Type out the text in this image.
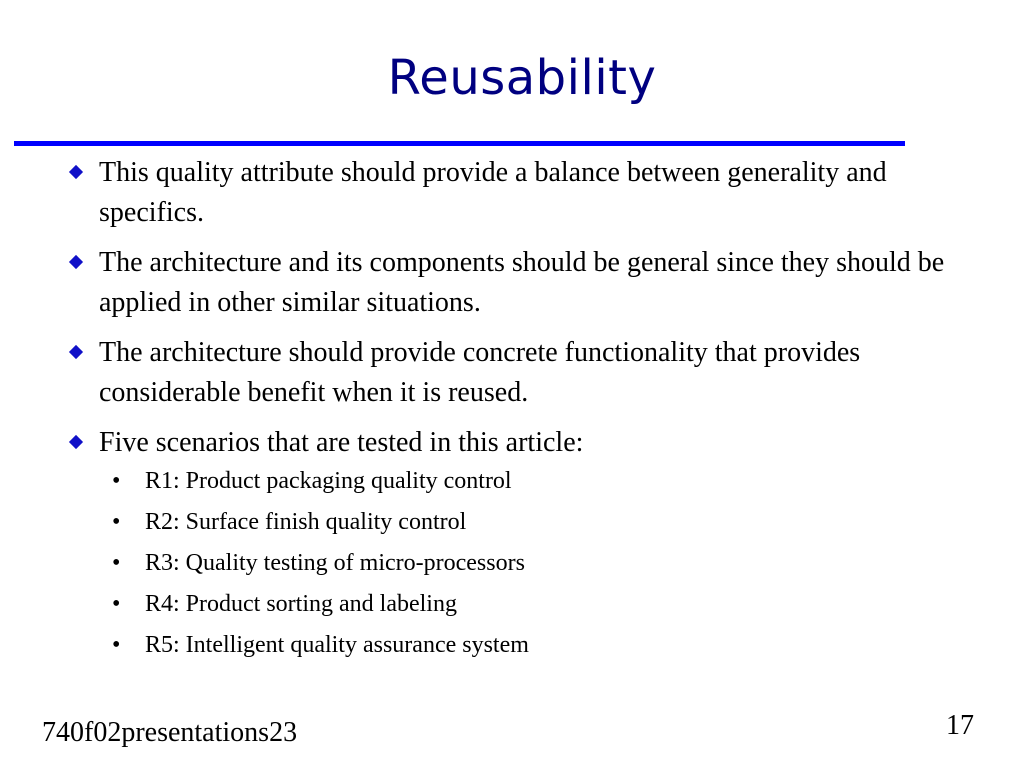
Reusability
This quality attribute should provide a balance between generality and specifics.
The architecture and its components should be general since they should be applied in other similar situations.
The architecture should provide concrete functionality that provides considerable benefit when it is reused.
Five scenarios that are tested in this article:
• R1: Product packaging quality control
• R2: Surface finish quality control
• R3: Quality testing of micro-processors
• R4: Product sorting and labeling
• R5: Intelligent quality assurance system
740f02presentations23	17
